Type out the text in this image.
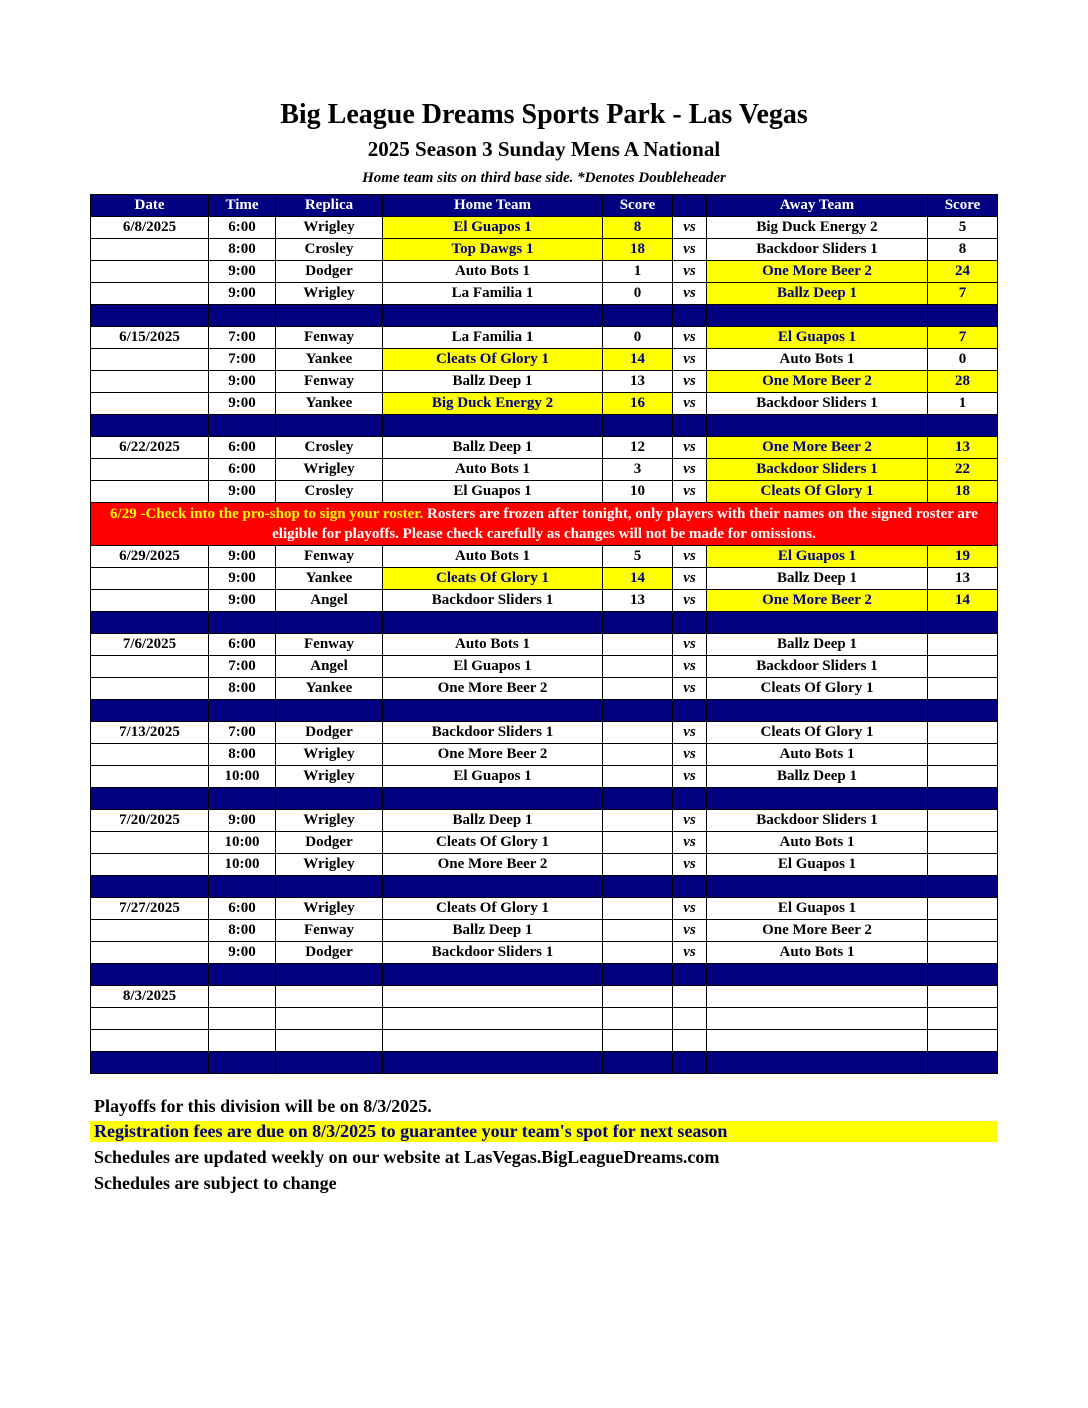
Big League Dreams Sports Park - Las Vegas
2025 Season 3 Sunday Mens A National
Home team sits on third base side. *Denotes Doubleheader
Date	Time	Replica	Home Team	Score		Away Team	Score
6/8/2025	6:00	Wrigley	El Guapos 1	8	vs	Big Duck Energy 2	5
	8:00	Crosley	Top Dawgs 1	18	vs	Backdoor Sliders 1	8
	9:00	Dodger	Auto Bots 1	1	vs	One More Beer 2	24
	9:00	Wrigley	La Familia 1	0	vs	Ballz Deep 1	7

6/15/2025	7:00	Fenway	La Familia 1	0	vs	El Guapos 1	7
	7:00	Yankee	Cleats Of Glory 1	14	vs	Auto Bots 1	0
	9:00	Fenway	Ballz Deep 1	13	vs	One More Beer 2	28
	9:00	Yankee	Big Duck Energy 2	16	vs	Backdoor Sliders 1	1

6/22/2025	6:00	Crosley	Ballz Deep 1	12	vs	One More Beer 2	13
	6:00	Wrigley	Auto Bots 1	3	vs	Backdoor Sliders 1	22
	9:00	Crosley	El Guapos 1	10	vs	Cleats Of Glory 1	18
6/29 -Check into the pro-shop to sign your roster. Rosters are frozen after tonight, only players with their names on the signed roster are eligible for playoffs. Please check carefully as changes will not be made for omissions.							
6/29/2025	9:00	Fenway	Auto Bots 1	5	vs	El Guapos 1	19
	9:00	Yankee	Cleats Of Glory 1	14	vs	Ballz Deep 1	13
	9:00	Angel	Backdoor Sliders 1	13	vs	One More Beer 2	14

7/6/2025	6:00	Fenway	Auto Bots 1		vs	Ballz Deep 1	
	7:00	Angel	El Guapos 1		vs	Backdoor Sliders 1	
	8:00	Yankee	One More Beer 2		vs	Cleats Of Glory 1	

7/13/2025	7:00	Dodger	Backdoor Sliders 1		vs	Cleats Of Glory 1	
	8:00	Wrigley	One More Beer 2		vs	Auto Bots 1	
	10:00	Wrigley	El Guapos 1		vs	Ballz Deep 1	

7/20/2025	9:00	Wrigley	Ballz Deep 1		vs	Backdoor Sliders 1	
	10:00	Dodger	Cleats Of Glory 1		vs	Auto Bots 1	
	10:00	Wrigley	One More Beer 2		vs	El Guapos 1	

7/27/2025	6:00	Wrigley	Cleats Of Glory 1		vs	El Guapos 1	
	8:00	Fenway	Ballz Deep 1		vs	One More Beer 2	
	9:00	Dodger	Backdoor Sliders 1		vs	Auto Bots 1	

8/3/2025							

Playoffs for this division will be on 8/3/2025.
Registration fees are due on 8/3/2025 to guarantee your team's spot for next season
Schedules are updated weekly on our website at LasVegas.BigLeagueDreams.com
Schedules are subject to change
